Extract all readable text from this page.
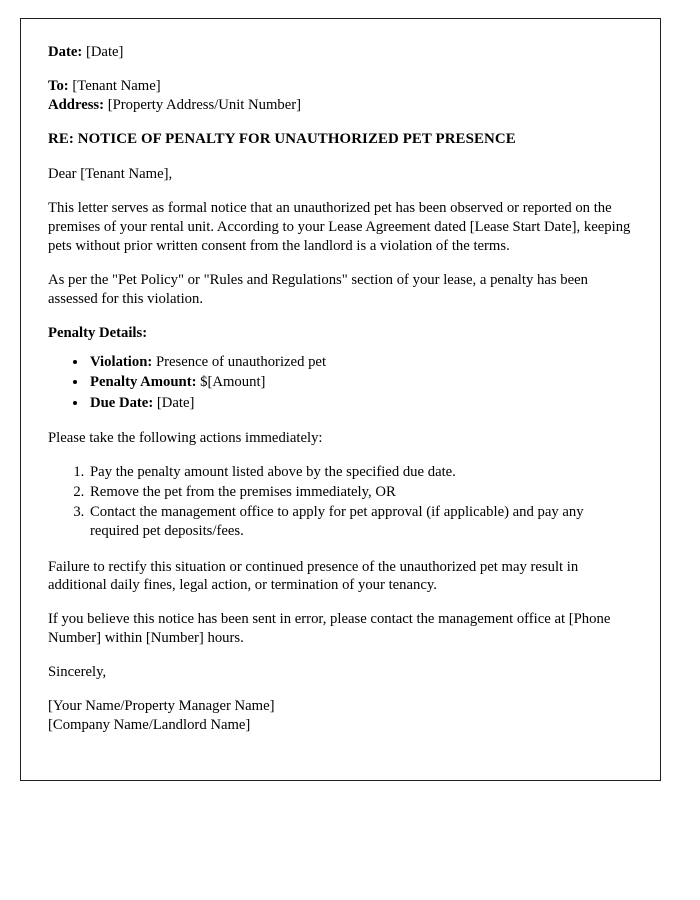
Date: [Date]

To: [Tenant Name]
Address: [Property Address/Unit Number]

RE: NOTICE OF PENALTY FOR UNAUTHORIZED PET PRESENCE

Dear [Tenant Name],

This letter serves as formal notice that an unauthorized pet has been observed or reported on the premises of your rental unit. According to your Lease Agreement dated [Lease Start Date], keeping pets without prior written consent from the landlord is a violation of the terms.

As per the "Pet Policy" or "Rules and Regulations" section of your lease, a penalty has been assessed for this violation.

Penalty Details:

• Violation: Presence of unauthorized pet
• Penalty Amount: $[Amount]
• Due Date: [Date]

Please take the following actions immediately:

1. Pay the penalty amount listed above by the specified due date.
2. Remove the pet from the premises immediately, OR
3. Contact the management office to apply for pet approval (if applicable) and pay any required pet deposits/fees.

Failure to rectify this situation or continued presence of the unauthorized pet may result in additional daily fines, legal action, or termination of your tenancy.

If you believe this notice has been sent in error, please contact the management office at [Phone Number] within [Number] hours.

Sincerely,

[Your Name/Property Manager Name]
[Company Name/Landlord Name]
